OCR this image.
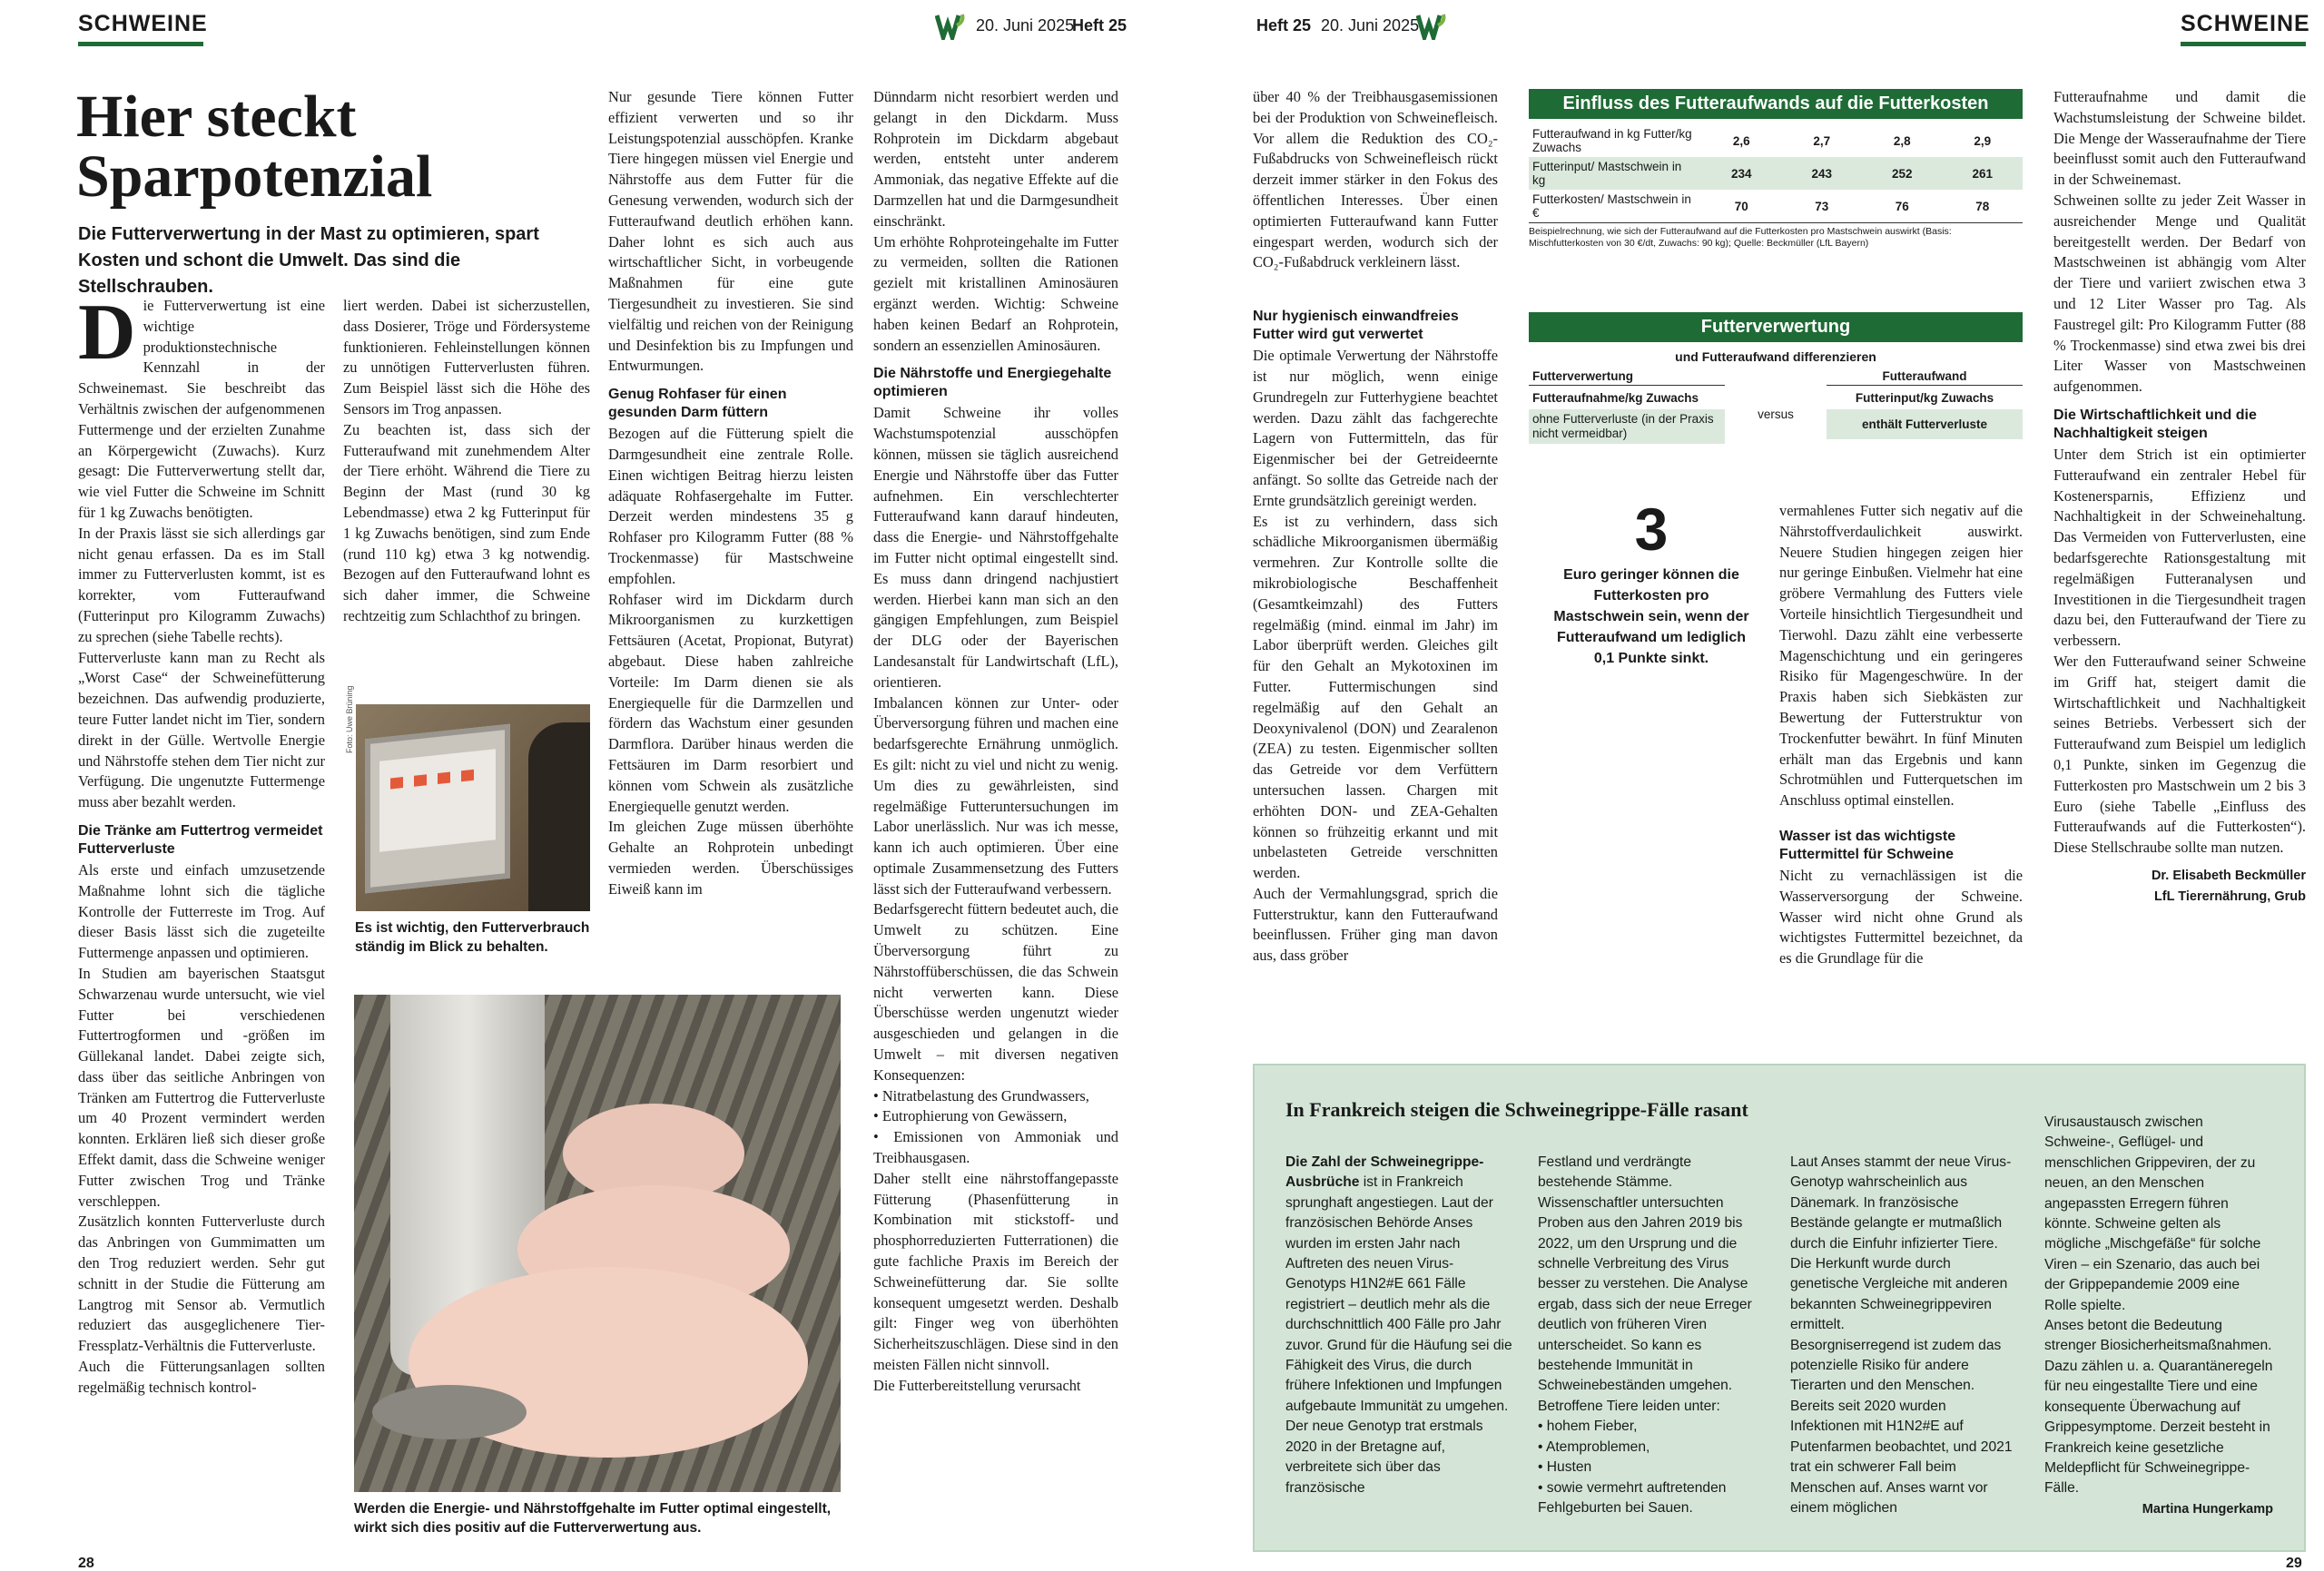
SCHWEINE	20. Juni 2025
Heft 25	Heft 25 20. Juni 2025	SCHWEINE
Hier steckt
Sparpotenzial
Die Futterverwertung in der Mast zu optimieren, spart Kosten und schont die Umwelt. Das sind die Stellschrauben.

Die Futterverwertung ist eine wichtige produktionstechnische Kennzahl in der Schweinemast. Sie beschreibt das Verhältnis zwischen der aufgenommenen Futtermenge und der erzielten Zunahme an Körpergewicht (Zuwachs). Kurz gesagt: Die Futterverwertung stellt dar, wie viel Futter die Schweine im Schnitt für 1 kg Zuwachs benötigten.

In der Praxis lässt sie sich allerdings gar nicht genau erfassen. Da es im Stall immer zu Futterverlusten kommt, ist es korrekter, vom Futteraufwand (Futterinput pro Kilogramm Zuwachs) zu sprechen (siehe Tabelle rechts).

Futterverluste kann man zu Recht als „Worst Case“ der Schweinefütterung bezeichnen. Das aufwendig produzierte, teure Futter landet nicht im Tier, sondern direkt in der Gülle. Wertvolle Energie und Nährstoffe stehen dem Tier nicht zur Verfügung. Die ungenutzte Futtermenge muss aber bezahlt werden.

Die Tränke am Futtertrog vermeidet Futterverluste

Als erste und einfach umzusetzende Maßnahme lohnt sich die tägliche Kontrolle der Futterreste im Trog. Auf dieser Basis lässt sich die zugeteilte Futtermenge anpassen und optimieren.

In Studien am bayerischen Staatsgut Schwarzenau wurde untersucht, wie viel Futter bei verschiedenen Futtertrogformen und -größen im Güllekanal landet. Dabei zeigte sich, dass über das seitliche Anbringen von Tränken am Futtertrog die Futterverluste um 40 Prozent vermindert werden konnten. Erklären ließ sich dieser große Effekt damit, dass die Schweine weniger Futter zwischen Trog und Tränke verschleppen.

Zusätzlich konnten Futterverluste durch das Anbringen von Gummimatten um den Trog reduziert werden. Sehr gut schnitt in der Studie die Fütterung am Langtrog mit Sensor ab. Vermutlich reduziert das ausgeglichenere Tier-Fressplatz-Verhältnis die Futterverluste.

Auch die Fütterungsanlagen sollten regelmäßig technisch kontrol-

liert werden. Dabei ist sicherzustellen, dass Dosierer, Tröge und Fördersysteme funktionieren. Fehleinstellungen können zu unnötigen Futterverlusten führen. Zum Beispiel lässt sich die Höhe des Sensors im Trog anpassen.

Zu beachten ist, dass sich der Futteraufwand mit zunehmendem Alter der Tiere erhöht. Während die Tiere zu Beginn der Mast (rund 30 kg Lebendmasse) etwa 2 kg Futterinput für 1 kg Zuwachs benötigen, sind zum Ende (rund 110 kg) etwa 3 kg notwendig. Bezogen auf den Futteraufwand lohnt es sich daher immer, die Schweine rechtzeitig zum Schlachthof zu bringen.

Foto: Uwe Brüning
Es ist wichtig, den Futterverbrauch ständig im Blick zu behalten.
Werden die Energie- und Nährstoffgehalte im Futter optimal eingestellt, wirkt sich dies positiv auf die Futterverwertung aus.

Nur gesunde Tiere können Futter effizient verwerten und so ihr Leistungspotenzial ausschöpfen. Kranke Tiere hingegen müssen viel Energie und Nährstoffe aus dem Futter für die Genesung verwenden, wodurch sich der Futteraufwand deutlich erhöhen kann. Daher lohnt es sich auch aus wirtschaftlicher Sicht, in vorbeugende Maßnahmen für eine gute Tiergesundheit zu investieren. Sie sind vielfältig und reichen von der Reinigung und Desinfektion bis zu Impfungen und Entwurmungen.

Genug Rohfaser für einen gesunden Darm füttern

Bezogen auf die Fütterung spielt die Darmgesundheit eine zentrale Rolle. Einen wichtigen Beitrag hierzu leisten adäquate Rohfasergehalte im Futter. Derzeit werden mindestens 35 g Rohfaser pro Kilogramm Futter (88 % Trockenmasse) für Mastschweine empfohlen.

Rohfaser wird im Dickdarm durch Mikroorganismen zu kurzkettigen Fettsäuren (Acetat, Propionat, Butyrat) abgebaut. Diese haben zahlreiche Vorteile: Im Darm dienen sie als Energiequelle für die Darmzellen und fördern das Wachstum einer gesunden Darmflora. Darüber hinaus werden die Fettsäuren im Darm resorbiert und können vom Schwein als zusätzliche Energiequelle genutzt werden.

Im gleichen Zuge müssen überhöhte Gehalte an Rohprotein unbedingt vermieden werden. Überschüssiges Eiweiß kann im

Dünndarm nicht resorbiert werden und gelangt in den Dickdarm. Muss Rohprotein im Dickdarm abgebaut werden, entsteht unter anderem Ammoniak, das negative Effekte auf die Darmzellen hat und die Darmgesundheit einschränkt.

Um erhöhte Rohproteingehalte im Futter zu vermeiden, sollten die Rationen gezielt mit kristallinen Aminosäuren ergänzt werden. Wichtig: Schweine haben keinen Bedarf an Rohprotein, sondern an essenziellen Aminosäuren.

Die Nährstoffe und Energiegehalte optimieren

Damit Schweine ihr volles Wachstumspotenzial ausschöpfen können, müssen sie täglich ausreichend Energie und Nährstoffe über das Futter aufnehmen. Ein verschlechterter Futteraufwand kann darauf hindeuten, dass die Energie- und Nährstoffgehalte im Futter nicht optimal eingestellt sind. Es muss dann dringend nachjustiert werden. Hierbei kann man sich an den gängigen Empfehlungen, zum Beispiel der DLG oder der Bayerischen Landesanstalt für Landwirtschaft (LfL), orientieren.

Imbalancen können zur Unter- oder Überversorgung führen und machen eine bedarfsgerechte Ernährung unmöglich. Es gilt: nicht zu viel und nicht zu wenig. Um dies zu gewährleisten, sind regelmäßige Futteruntersuchungen im Labor unerlässlich. Nur was ich messe, kann ich auch optimieren. Über eine optimale Zusammensetzung des Futters lässt sich der Futteraufwand verbessern.

Bedarfsgerecht füttern bedeutet auch, die Umwelt zu schützen. Eine Überversorgung führt zu Nährstoffüberschüssen, die das Schwein nicht verwerten kann. Diese Überschüsse werden ungenutzt wieder ausgeschieden und gelangen in die Umwelt – mit diversen negativen Konsequenzen:

• Nitratbelastung des Grundwassers,
• Eutrophierung von Gewässern,
• Emissionen von Ammoniak und Treibhausgasen.

Daher stellt eine nährstoffangepasste Fütterung (Phasenfütterung in Kombination mit stickstoff- und phosphorreduzierten Futterrationen) die gute fachliche Praxis im Bereich der Schweinefütterung dar. Sie sollte konsequent umgesetzt werden. Deshalb gilt: Finger weg von überhöhten Sicherheitszuschlägen. Diese sind in den meisten Fällen nicht sinnvoll.

Die Futterbereitstellung verursacht

28

über 40 % der Treibhausgasemissionen bei der Produktion von Schweinefleisch. Vor allem die Reduktion des CO₂-Fußabdrucks von Schweinefleisch rückt derzeit immer stärker in den Fokus des öffentlichen Interesses. Über einen optimierten Futteraufwand kann Futter eingespart werden, wodurch sich der CO₂-Fußabdruck verkleinern lässt.

Nur hygienisch einwandfreies Futter wird gut verwertet

Die optimale Verwertung der Nährstoffe ist nur möglich, wenn einige Grundregeln zur Futterhygiene beachtet werden. Dazu zählt das fachgerechte Lagern von Futtermitteln, das für Eigenmischer bei der Getreideernte anfängt. So sollte das Getreide nach der Ernte grundsätzlich gereinigt werden.

Es ist zu verhindern, dass sich schädliche Mikroorganismen übermäßig vermehren. Zur Kontrolle sollte die mikrobiologische Beschaffenheit (Gesamtkeimzahl) des Futters regelmäßig (mind. einmal im Jahr) im Labor überprüft werden. Gleiches gilt für den Gehalt an Mykotoxinen im Futter. Futtermischungen sind regelmäßig auf den Gehalt an Deoxynivalenol (DON) und Zearalenon (ZEA) zu testen. Eigenmischer sollten das Getreide vor dem Verfüttern untersuchen lassen. Chargen mit erhöhten DON- und ZEA-Gehalten können so frühzeitig erkannt und mit unbelasteten Getreide verschnitten werden.

Auch der Vermahlungsgrad, sprich die Futterstruktur, kann den Futteraufwand beeinflussen. Früher ging man davon aus, dass gröber

Einfluss des Futteraufwands auf die Futterkosten
Futteraufwand in kg Futter/kg Zuwachs	2,6	2,7	2,8	2,9
Futterinput/ Mastschwein in kg	234	243	252	261
Futterkosten/ Mastschwein in €	70	73	76	78
Beispielrechnung, wie sich der Futteraufwand auf die Futterkosten pro Mastschwein auswirkt (Basis: Mischfutterkosten von 30 €/dt, Zuwachs: 90 kg); Quelle: Beckmüller (LfL Bayern)
Futterverwertung
und Futteraufwand differenzieren
Futterverwertung	Futteraufwand
Futteraufnahme/kg Zuwachs	Futterinput/kg Zuwachs
ohne Futterverluste (in der Praxis nicht vermeidbar)
versus
enthält Futterverluste
3
Euro geringer können die Futterkosten pro Mastschwein sein, wenn der Futteraufwand um lediglich 0,1 Punkte sinkt.

vermahlenes Futter sich negativ auf die Nährstoffverdaulichkeit auswirkt. Neuere Studien hingegen zeigen hier nur geringe Einbußen. Vielmehr hat eine gröbere Vermahlung des Futters viele Vorteile hinsichtlich Tiergesundheit und Tierwohl. Dazu zählt eine verbesserte Magenschichtung und ein geringeres Risiko für Magengeschwüre. In der Praxis haben sich Siebkästen zur Bewertung der Futterstruktur von Trockenfutter bewährt. In fünf Minuten erhält man das Ergebnis und kann Schrotmühlen und Futterquetschen im Anschluss optimal einstellen.

Wasser ist das wichtigste Futtermittel für Schweine

Nicht zu vernachlässigen ist die Wasserversorgung der Schweine. Wasser wird nicht ohne Grund als wichtigstes Futtermittel bezeichnet, da es die Grundlage für die

Futteraufnahme und damit die Wachstumsleistung der Schweine bildet. Die Menge der Wasseraufnahme der Tiere beeinflusst somit auch den Futteraufwand in der Schweinemast.

Schweinen sollte zu jeder Zeit Wasser in ausreichender Menge und Qualität bereitgestellt werden. Der Bedarf von Mastschweinen ist abhängig vom Alter der Tiere und variiert zwischen etwa 3 und 12 Liter Wasser pro Tag. Als Faustregel gilt: Pro Kilogramm Futter (88 % Trockenmasse) sind etwa zwei bis drei Liter Wasser von Mastschweinen aufgenommen.

Die Wirtschaftlichkeit und die Nachhaltigkeit steigen

Unter dem Strich ist ein optimierter Futteraufwand ein zentraler Hebel für Kostenersparnis, Effizienz und Nachhaltigkeit in der Schweinehaltung. Das Vermeiden von Futterverlusten, eine bedarfsgerechte Rationsgestaltung mit regelmäßigen Futteranalysen und Investitionen in die Tiergesundheit tragen dazu bei, den Futteraufwand der Tiere zu verbessern.

Wer den Futteraufwand seiner Schweine im Griff hat, steigert damit die Wirtschaftlichkeit und Nachhaltigkeit seines Betriebs. Verbessert sich der Futteraufwand zum Beispiel um lediglich 0,1 Punkte, sinken im Gegenzug die Futterkosten pro Mastschwein um 2 bis 3 Euro (siehe Tabelle „Einfluss des Futteraufwands auf die Futterkosten“). Diese Stellschraube sollte man nutzen.

Dr. Elisabeth Beckmüller
LfL Tierernährung, Grub
In Frankreich steigen die Schweinegrippe-Fälle rasant

Die Zahl der Schweinegrippe-Ausbrüche ist in Frankreich sprunghaft angestiegen. Laut der französischen Behörde Anses wurden im ersten Jahr nach Auftreten des neuen Virus-Genotyps H1N2#E 661 Fälle registriert – deutlich mehr als die durchschnittlich 400 Fälle pro Jahr zuvor. Grund für die Häufung sei die Fähigkeit des Virus, die durch frühere Infektionen und Impfungen aufgebaute Immunität zu umgehen.

Der neue Genotyp trat erstmals 2020 in der Bretagne auf, verbreitete sich über das französische

Festland und verdrängte bestehende Stämme. Wissenschaftler untersuchten Proben aus den Jahren 2019 bis 2022, um den Ursprung und die schnelle Verbreitung des Virus besser zu verstehen. Die Analyse ergab, dass sich der neue Erreger deutlich von früheren Viren unterscheidet. So kann es bestehende Immunität in Schweinebeständen umgehen. Betroffene Tiere leiden unter:

• hohem Fieber,
• Atemproblemen,
• Husten
• sowie vermehrt auftretenden Fehlgeburten bei Sauen.

Laut Anses stammt der neue Virus-Genotyp wahrscheinlich aus Dänemark. In französische Bestände gelangte er mutmaßlich durch die Einfuhr infizierter Tiere. Die Herkunft wurde durch genetische Vergleiche mit anderen bekannten Schweinegrippeviren ermittelt.

Besorgniserregend ist zudem das potenzielle Risiko für andere Tierarten und den Menschen. Bereits seit 2020 wurden Infektionen mit H1N2#E auf Putenfarmen beobachtet, und 2021 trat ein schwerer Fall beim Menschen auf. Anses warnt vor einem möglichen

Virusaustausch zwischen Schweine-, Geflügel- und menschlichen Grippeviren, der zu neuen, an den Menschen angepassten Erregern führen könnte. Schweine gelten als mögliche „Mischgefäße“ für solche Viren – ein Szenario, das auch bei der Grippepandemie 2009 eine Rolle spielte.

Anses betont die Bedeutung strenger Biosicherheitsmaßnahmen. Dazu zählen u. a. Quarantäneregeln für neu eingestallte Tiere und eine konsequente Überwachung auf Grippesymptome. Derzeit besteht in Frankreich keine gesetzliche Meldepflicht für Schweinegrippe-Fälle.

Martina Hungerkamp
29
